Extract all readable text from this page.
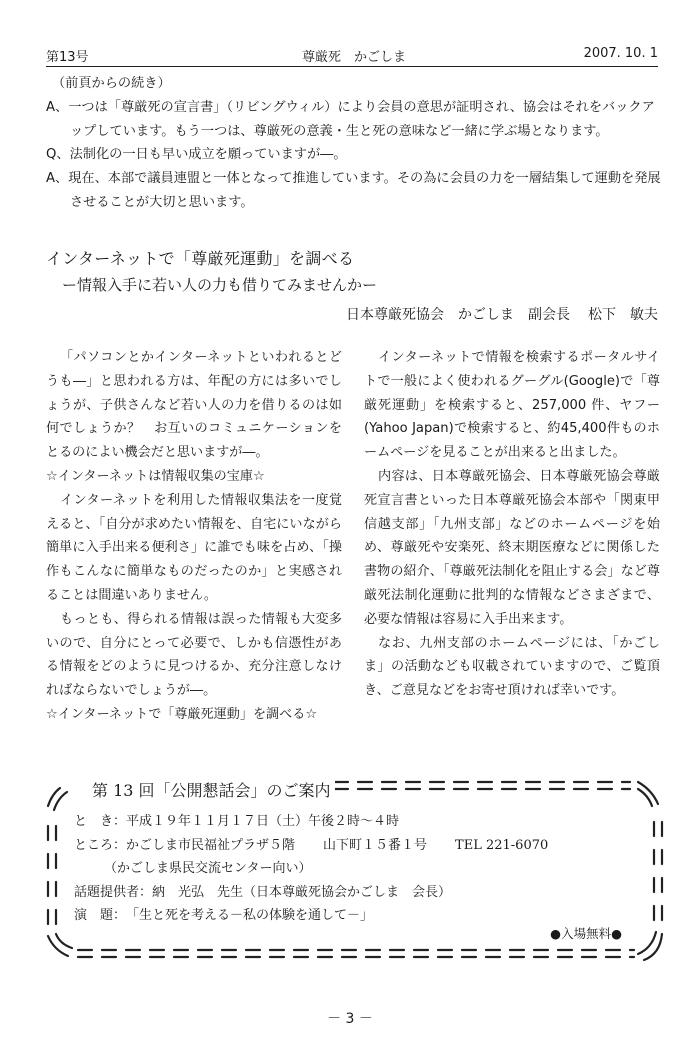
第13号	尊厳死　かごしま	2007. 10. 1

（前頁からの続き）

A、一つは「尊厳死の宣言書」（リビングウィル）により会員の意思が証明され、協会はそれをバックアップしています。もう一つは、尊厳死の意義・生と死の意味など一緒に学ぶ場となります。

Q、法制化の一日も早い成立を願っていますが―。

A、現在、本部で議員連盟と一体となって推進しています。その為に会員の力を一層結集して運動を発展させることが大切と思います。

インターネットで「尊厳死運動」を調べる
ー情報入手に若い人の力も借りてみませんかー
日本尊厳死協会　かごしま　副会長 松下　敏夫

「パソコンとかインターネットといわれるとどうも―」と思われる方は、年配の方には多いでしょうが、子供さんなど若い人の力を借りるのは如何でしょうか？　お互いのコミュニケーションをとるのによい機会だと思いますが―。

☆インターネットは情報収集の宝庫☆

インターネットを利用した情報収集法を一度覚えると、「自分が求めたい情報を、自宅にいながら簡単に入手出来る便利さ」に誰でも味を占め、「操作もこんなに簡単なものだったのか」と実感されることは間違いありません。

もっとも、得られる情報は誤った情報も大変多いので、自分にとって必要で、しかも信憑性がある情報をどのように見つけるか、充分注意しなければならないでしょうが―。

☆インターネットで「尊厳死運動」を調べる☆

インターネットで情報を検索するポータルサイトで一般によく使われるグーグル(Google)で「尊厳死運動」を検索すると、257,000 件、ヤフー(Yahoo Japan)で検索すると、約45,400件ものホームページを見ることが出来ると出ました。

内容は、日本尊厳死協会、日本尊厳死協会尊厳死宣言書といった日本尊厳死協会本部や「関東甲信越支部」「九州支部」などのホームページを始め、尊厳死や安楽死、終末期医療などに関係した書物の紹介、「尊厳死法制化を阻止する会」など尊厳死法制化運動に批判的な情報などさまざまで、必要な情報は容易に入手出来ます。

なお、九州支部のホームページには、「かごしま」の活動なども収載されていますので、ご覧頂き、ご意見などをお寄せ頂ければ幸いです。

第 13 回「公開懇話会」のご案内

と　き：平成１９年１１月１７日（土）午後２時～４時

ところ：かごしま市民福祉プラザ５階 山下町１５番１号 TEL 221-6070

（かごしま県民交流センター向い）

話題提供者：納　光弘　先生（日本尊厳死協会かごしま　会長）

演　題：「生と死を考える－私の体験を通して－」

●入場無料●
－ 3 －
